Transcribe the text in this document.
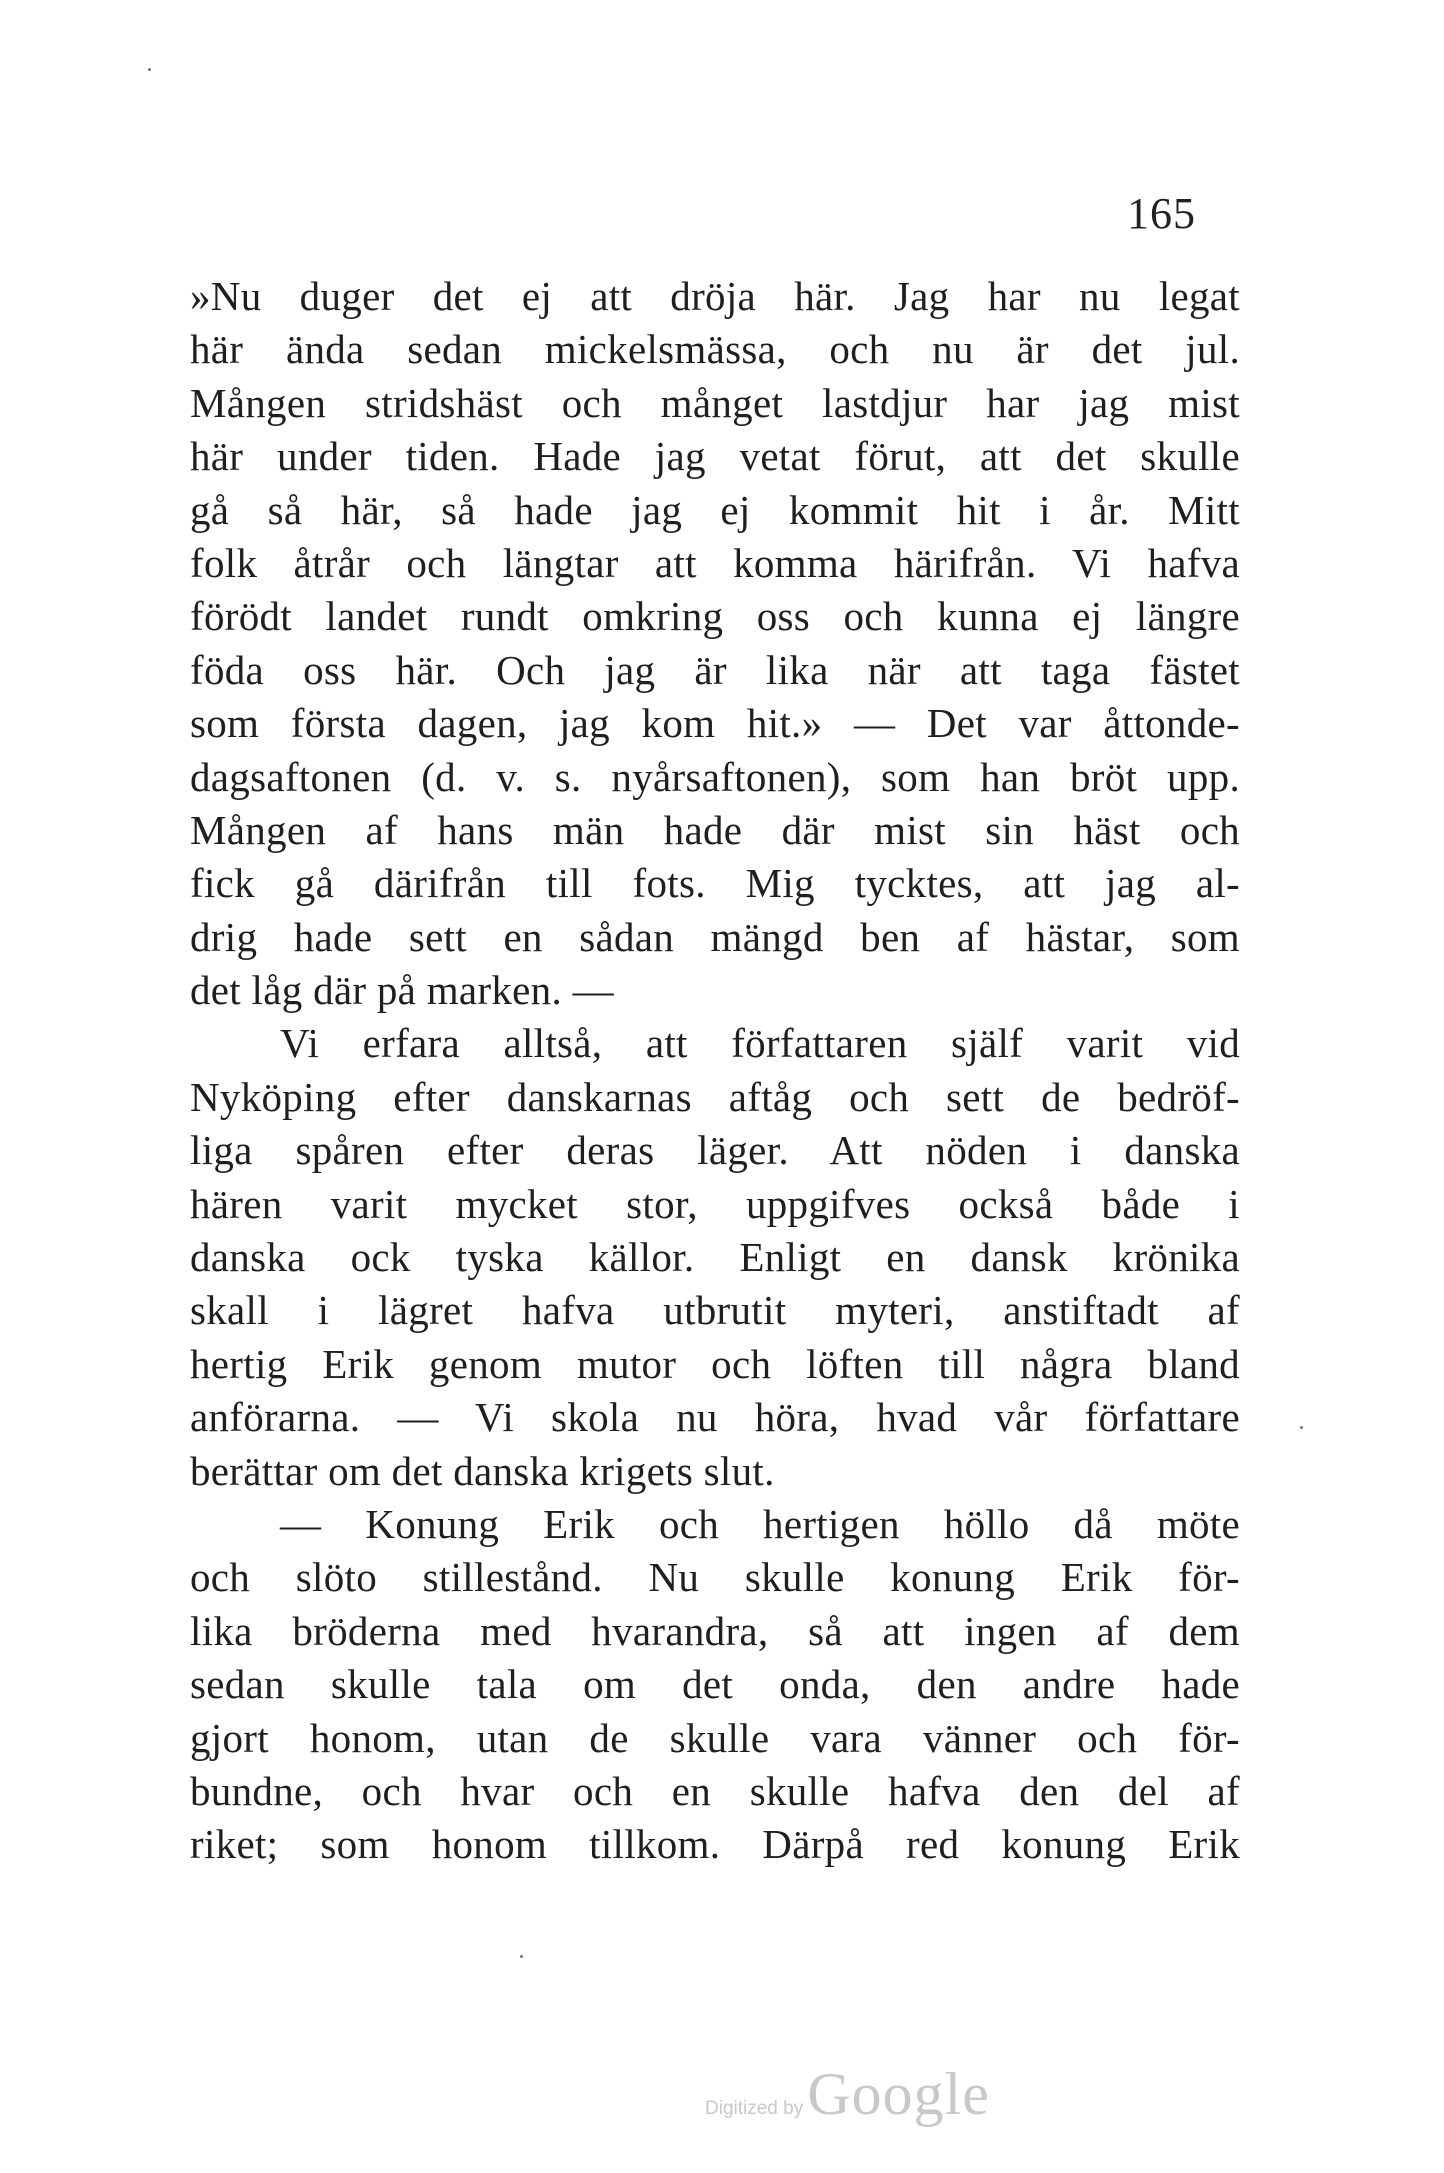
165
»Nu duger det ej att dröja här. Jag har nu legat
här ända sedan mickelsmässa, och nu är det jul.
Mången stridshäst och månget lastdjur har jag mist
här under tiden. Hade jag vetat förut, att det skulle
gå så här, så hade jag ej kommit hit i år. Mitt
folk åtrår och längtar att komma härifrån. Vi hafva
förödt landet rundt omkring oss och kunna ej längre
föda oss här. Och jag är lika när att taga fästet
som första dagen, jag kom hit.» — Det var åttonde-
dagsaftonen (d. v. s. nyårsaftonen), som han bröt upp.
Mången af hans män hade där mist sin häst och
fick gå därifrån till fots. Mig tycktes, att jag al-
drig hade sett en sådan mängd ben af hästar, som
det låg där på marken. —
Vi erfara alltså, att författaren själf varit vid
Nyköping efter danskarnas aftåg och sett de bedröf-
liga spåren efter deras läger. Att nöden i danska
hären varit mycket stor, uppgifves också både i
danska ock tyska källor. Enligt en dansk krönika
skall i lägret hafva utbrutit myteri, anstiftadt af
hertig Erik genom mutor och löften till några bland
anförarna. — Vi skola nu höra, hvad vår författare
berättar om det danska krigets slut.
— Konung Erik och hertigen höllo då möte
och slöto stillestånd. Nu skulle konung Erik för-
lika bröderna med hvarandra, så att ingen af dem
sedan skulle tala om det onda, den andre hade
gjort honom, utan de skulle vara vänner och för-
bundne, och hvar och en skulle hafva den del af
riket; som honom tillkom. Därpå red konung Erik
Digitized by Google
